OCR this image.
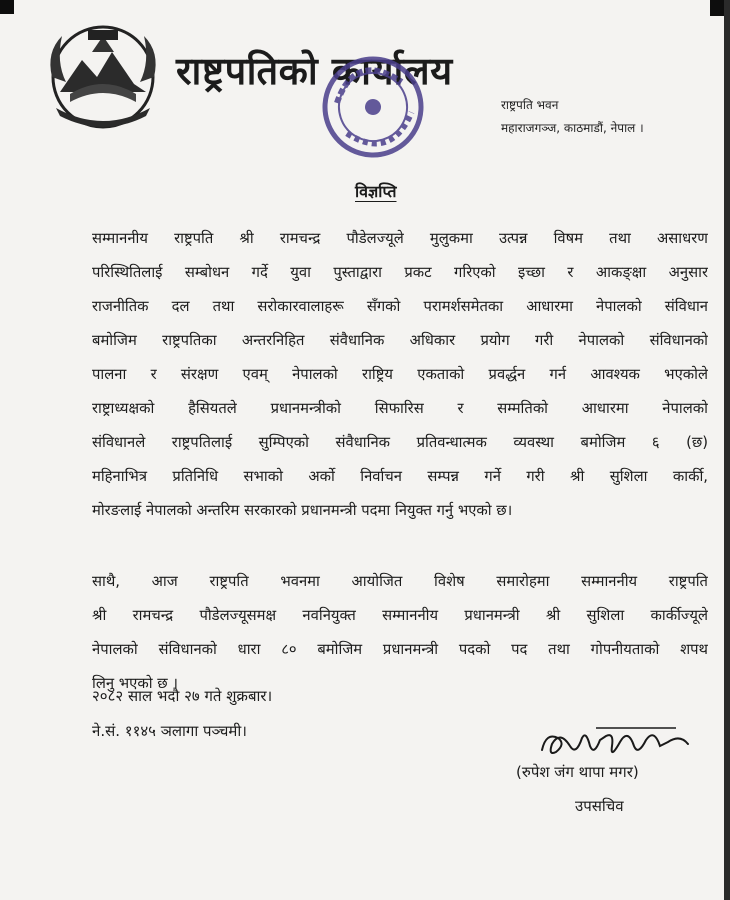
राष्ट्रपतिको कार्यालय
राष्ट्रपति भवन
महाराजगञ्ज, काठमाडौं, नेपाल ।
विज्ञप्ति
सम्माननीय राष्ट्रपति श्री रामचन्द्र पौडेलज्यूले मुलुकमा उत्पन्न विषम तथा असाधरण
परिस्थितिलाई सम्बोधन गर्दे युवा पुस्ताद्वारा प्रकट गरिएको इच्छा र आकङ्क्षा अनुसार
राजनीतिक दल तथा सरोकारवालाहरू सँगको परामर्शसमेतका आधारमा नेपालको संविधान
बमोजिम राष्ट्रपतिका अन्तरनिहित संवैधानिक अधिकार प्रयोग गरी नेपालको संविधानको
पालना र संरक्षण एवम् नेपालको राष्ट्रिय एकताको प्रवर्द्धन गर्न आवश्यक भएकोले
राष्ट्राध्यक्षको हैसियतले प्रधानमन्त्रीको सिफारिस र सम्मतिको आधारमा नेपालको
संविधानले राष्ट्रपतिलाई सुम्पिएको संवैधानिक प्रतिवन्धात्मक व्यवस्था बमोजिम ६ (छ)
महिनाभित्र प्रतिनिधि सभाको अर्को निर्वाचन सम्पन्न गर्ने गरी श्री सुशिला कार्की,
मोरङलाई नेपालको अन्तरिम सरकारको प्रधानमन्त्री पदमा नियुक्त गर्नु भएको छ।
साथै, आज राष्ट्रपति भवनमा आयोजित विशेष समारोहमा सम्माननीय राष्ट्रपति
श्री रामचन्द्र पौडेलज्यूसमक्ष नवनियुक्त सम्माननीय प्रधानमन्त्री श्री सुशिला कार्कीज्यूले
नेपालको संविधानको धारा ८० बमोजिम प्रधानमन्त्री पदको पद तथा गोपनीयताको शपथ
लिनु भएको छ ।
२०८२ साल भदौ २७ गते शुक्रबार।
ने.सं. ११४५ ञलागा पञ्चमी।
(रुपेश जंग थापा मगर)
उपसचिव
